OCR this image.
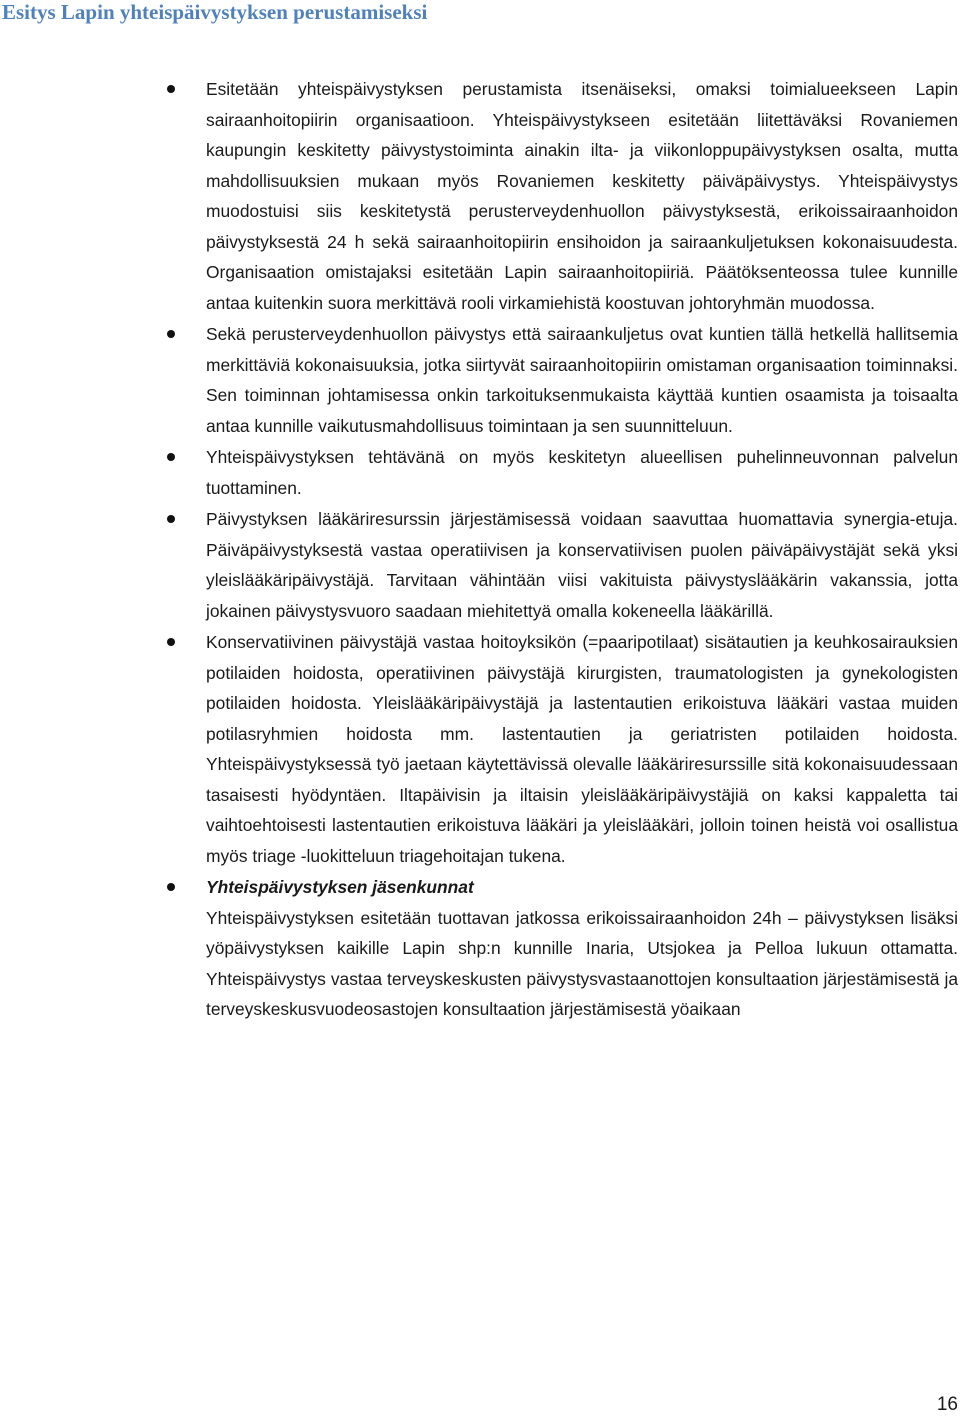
Esitys Lapin yhteispäivystyksen perustamiseksi
Esitetään yhteispäivystyksen perustamista itsenäiseksi, omaksi toimialueekseen Lapin sairaanhoitopiirin organisaatioon. Yhteispäivystykseen esitetään liitettäväksi Rovaniemen kaupungin keskitetty päivystystoiminta ainakin ilta- ja viikonloppupäivystyksen osalta, mutta mahdollisuuksien mukaan myös Rovaniemen keskitetty päiväpäivystys. Yhteispäivystys muodostuisi siis keskitetystä perusterveydenhuollon päivystyksestä, erikoissairaanhoidon päivystyksestä 24 h sekä sairaanhoitopiirin ensihoidon ja sairaankuljetuksen kokonaisuudesta. Organisaation omistajaksi esitetään Lapin sairaanhoitopiiriä. Päätöksenteossa tulee kunnille antaa kuitenkin suora merkittävä rooli virkamiehistä koostuvan johtoryhmän muodossa.
Sekä perusterveydenhuollon päivystys että sairaankuljetus ovat kuntien tällä hetkellä hallitsemia merkittäviä kokonaisuuksia, jotka siirtyvät sairaanhoitopiirin omistaman organisaation toiminnaksi. Sen toiminnan johtamisessa onkin tarkoituksenmukaista käyttää kuntien osaamista ja toisaalta antaa kunnille vaikutusmahdollisuus toimintaan ja sen suunnitteluun.
Yhteispäivystyksen tehtävänä on myös keskitetyn alueellisen puhelinneuvonnan palvelun tuottaminen.
Päivystyksen lääkäriresurssin järjestämisessä voidaan saavuttaa huomattavia synergia-etuja. Päiväpäivystyksestä vastaa operatiivisen ja konservatiivisen puolen päiväpäivystäjät sekä yksi yleislääkäripäivystäjä. Tarvitaan vähintään viisi vakituista päivystyslääkärin vakanssia, jotta jokainen päivystysvuoro saadaan miehitettyä omalla kokeneella lääkärillä.
Konservatiivinen päivystäjä vastaa hoitoyksikön (=paaripotilaat) sisätautien ja keuhkosairauksien potilaiden hoidosta, operatiivinen päivystäjä kirurgisten, traumatologisten ja gynekologisten potilaiden hoidosta. Yleislääkäripäivystäjä ja lastentautien erikoistuva lääkäri vastaa muiden potilasryhmien hoidosta mm. lastentautien ja geriatristen potilaiden hoidosta. Yhteispäivystyksessä työ jaetaan käytettävissä olevalle lääkäriresurssille sitä kokonaisuudessaan tasaisesti hyödyntäen. Iltapäivisin ja iltaisin yleislääkäripäivystäjiä on kaksi kappaletta tai vaihtoehtoisesti lastentautien erikoistuva lääkäri ja yleislääkäri, jolloin toinen heistä voi osallistua myös triage -luokitteluun triagehoitajan tukena.
Yhteispäivystyksen jäsenkunnat
Yhteispäivystyksen esitetään tuottavan jatkossa erikoissairaanhoidon 24h – päivystyksen lisäksi yöpäivystyksen kaikille Lapin shp:n kunnille Inaria, Utsjokea ja Pelloa lukuun ottamatta. Yhteispäivystys vastaa terveyskeskusten päivystysvastaanottojen konsultaation järjestämisestä ja terveyskeskusvuodeosastojen konsultaation järjestämisestä yöaikaan
16
